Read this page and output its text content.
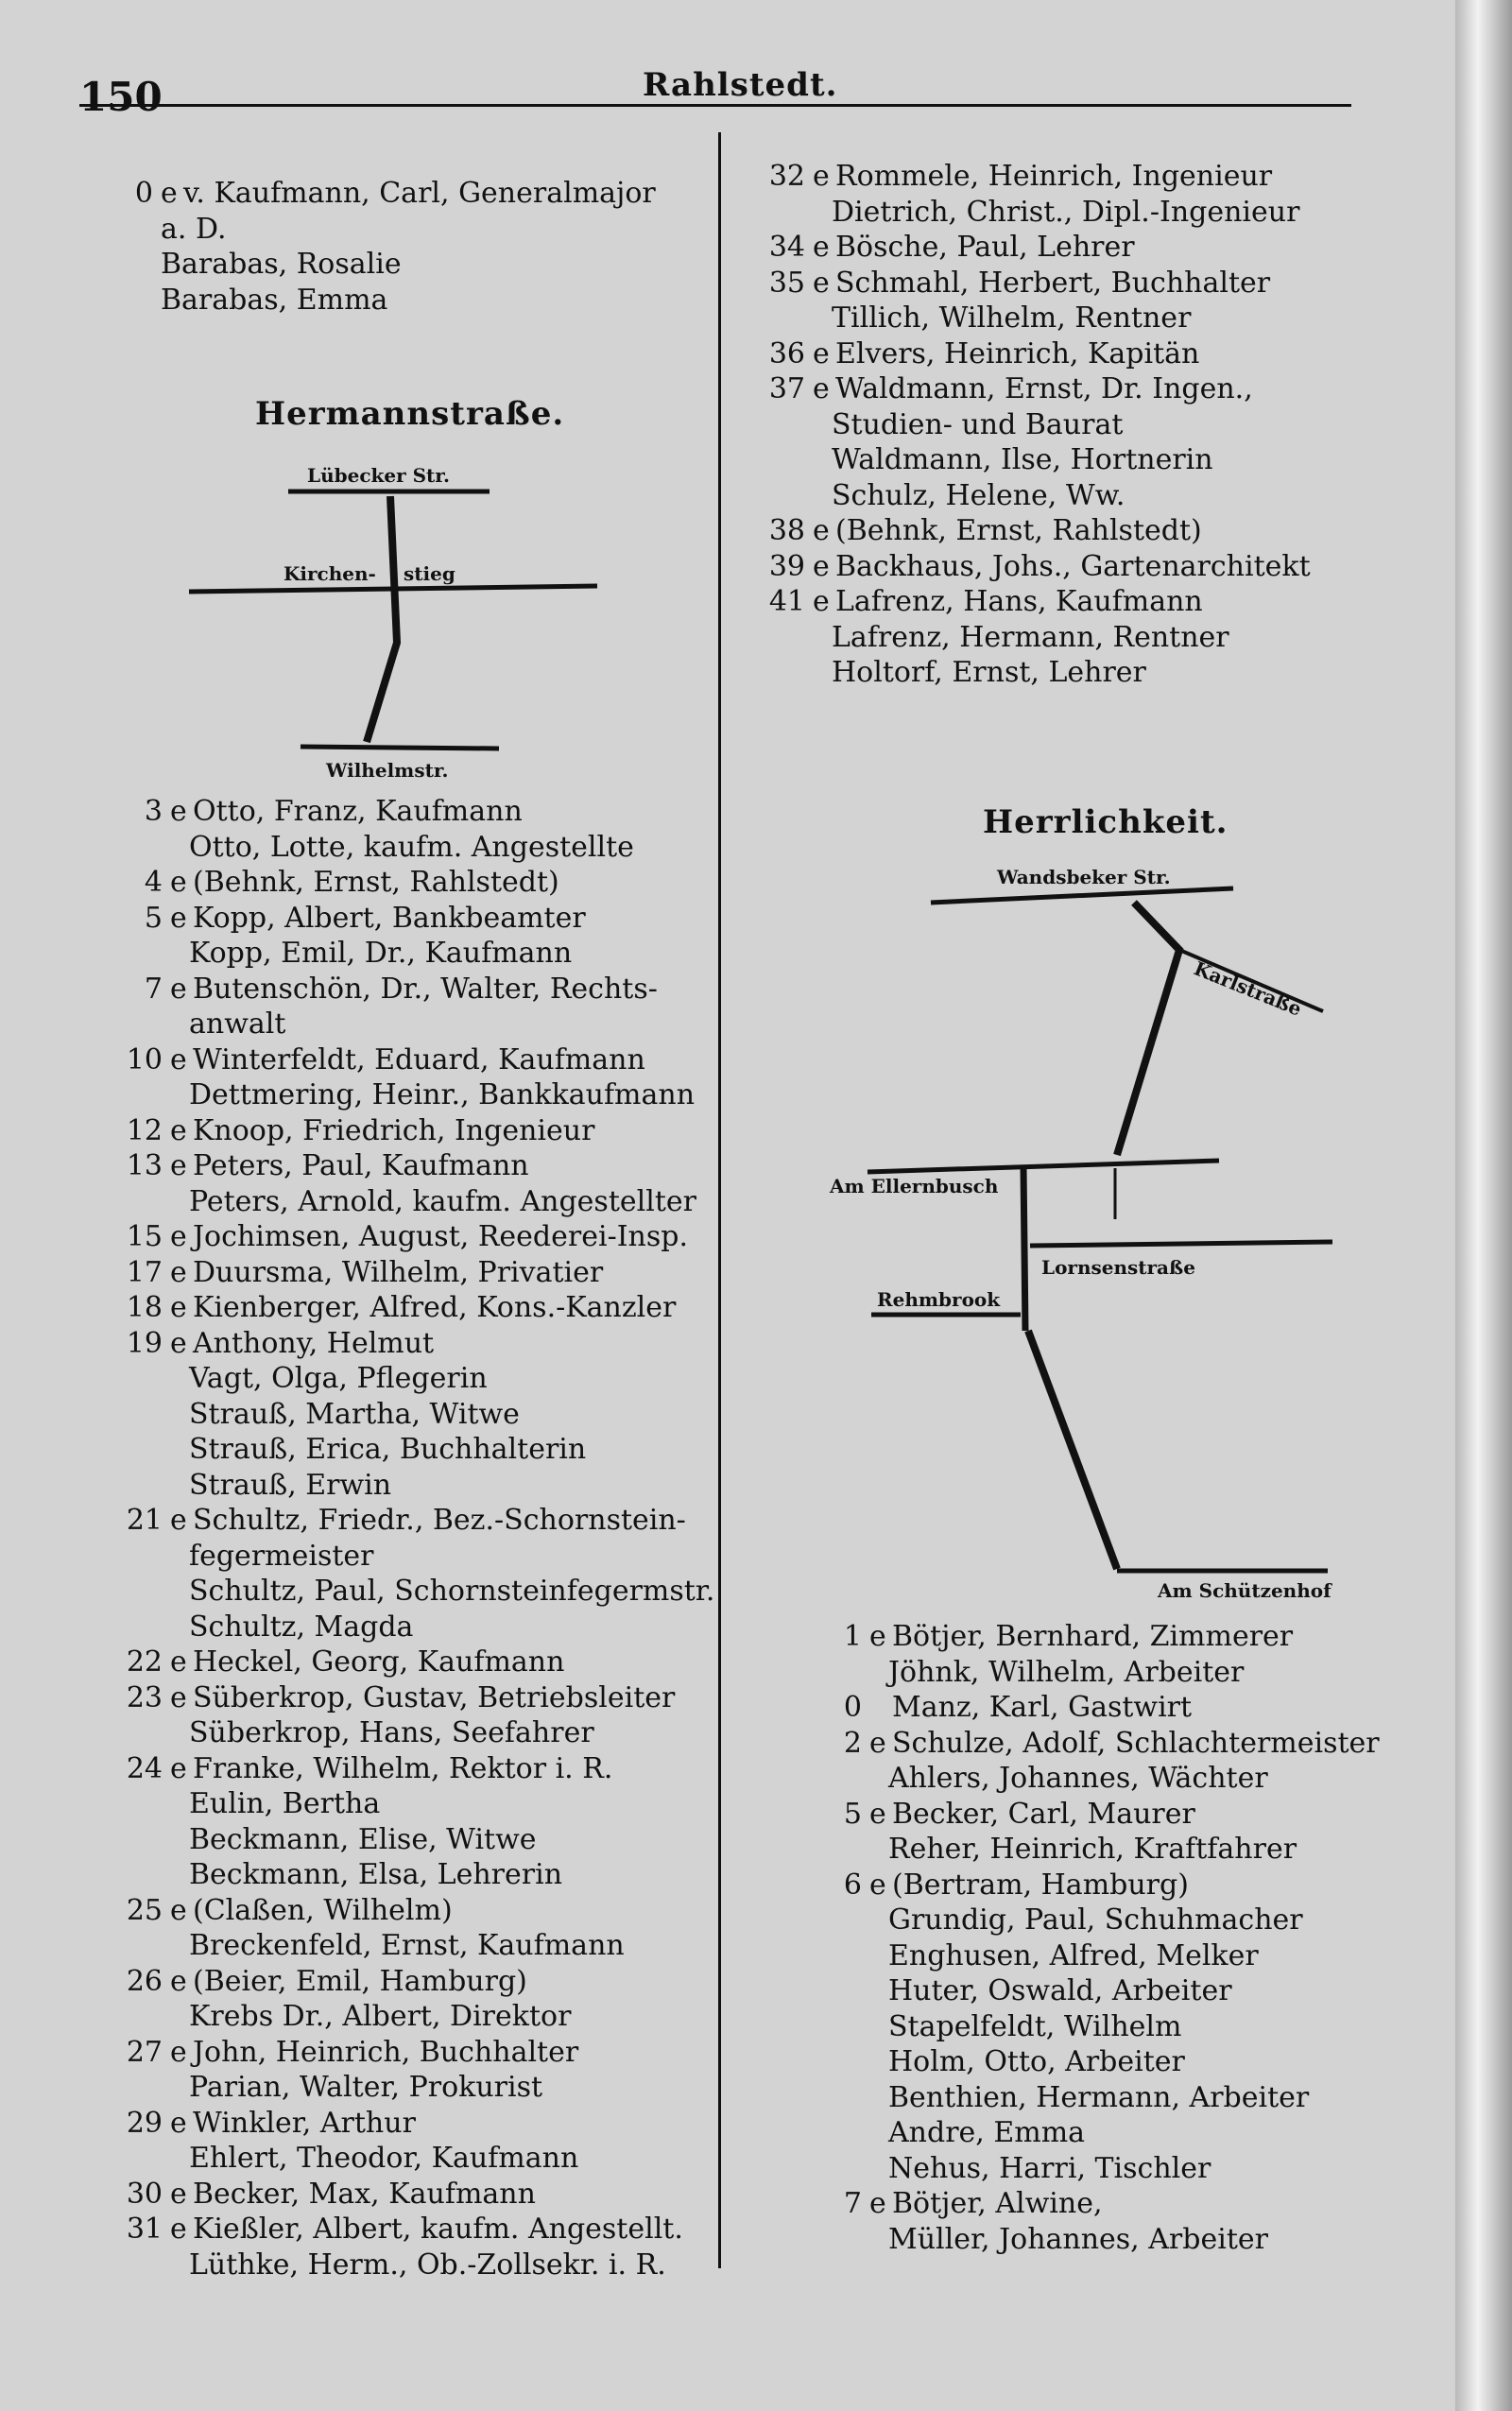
150	Rahlstedt.
0 e v. Kaufmann, Carl, Generalmajor
a. D.
Barabas, Rosalie
Barabas, Emma
Hermannstraße.
3 e Otto, Franz, Kaufmann
Otto, Lotte, kaufm. Angestellte
4 e (Behnk, Ernst, Rahlstedt)
5 e Kopp, Albert, Bankbeamter
Kopp, Emil, Dr., Kaufmann
7 e Butenschön, Dr., Walter, Rechts-
anwalt
10 e Winterfeldt, Eduard, Kaufmann
Dettmering, Heinr., Bankkaufmann
12 e Knoop, Friedrich, Ingenieur
13 e Peters, Paul, Kaufmann
Peters, Arnold, kaufm. Angestellter
15 e Jochimsen, August, Reederei-Insp.
17 e Duursma, Wilhelm, Privatier
18 e Kienberger, Alfred, Kons.-Kanzler
19 e Anthony, Helmut
Vagt, Olga, Pflegerin
Strauß, Martha, Witwe
Strauß, Erica, Buchhalterin
Strauß, Erwin
21 e Schultz, Friedr., Bez.-Schornstein-
fegermeister
Schultz, Paul, Schornsteinfegermstr.
Schultz, Magda
22 e Heckel, Georg, Kaufmann
23 e Süberkrop, Gustav, Betriebsleiter
Süberkrop, Hans, Seefahrer
24 e Franke, Wilhelm, Rektor i. R.
Eulin, Bertha
Beckmann, Elise, Witwe
Beckmann, Elsa, Lehrerin
25 e (Claßen, Wilhelm)
Breckenfeld, Ernst, Kaufmann
26 e (Beier, Emil, Hamburg)
Krebs Dr., Albert, Direktor
27 e John, Heinrich, Buchhalter
Parian, Walter, Prokurist
29 e Winkler, Arthur
Ehlert, Theodor, Kaufmann
30 e Becker, Max, Kaufmann
31 e Kießler, Albert, kaufm. Angestellt.
Lüthke, Herm., Ob.-Zollsekr. i. R.
32 e Rommele, Heinrich, Ingenieur
Dietrich, Christ., Dipl.-Ingenieur
34 e Bösche, Paul, Lehrer
35 e Schmahl, Herbert, Buchhalter
Tillich, Wilhelm, Rentner
36 e Elvers, Heinrich, Kapitän
37 e Waldmann, Ernst, Dr. Ingen.,
Studien- und Baurat
Waldmann, Ilse, Hortnerin
Schulz, Helene, Ww.
38 e (Behnk, Ernst, Rahlstedt)
39 e Backhaus, Johs., Gartenarchitekt
41 e Lafrenz, Hans, Kaufmann
Lafrenz, Hermann, Rentner
Holtorf, Ernst, Lehrer
Herrlichkeit.
1 e Bötjer, Bernhard, Zimmerer
Jöhnk, Wilhelm, Arbeiter
0 Manz, Karl, Gastwirt
2 e Schulze, Adolf, Schlachtermeister
Ahlers, Johannes, Wächter
5 e Becker, Carl, Maurer
Reher, Heinrich, Kraftfahrer
6 e (Bertram, Hamburg)
Grundig, Paul, Schuhmacher
Enghusen, Alfred, Melker
Huter, Oswald, Arbeiter
Stapelfeldt, Wilhelm
Holm, Otto, Arbeiter
Benthien, Hermann, Arbeiter
Andre, Emma
Nehus, Harri, Tischler
7 e Bötjer, Alwine,
Müller, Johannes, Arbeiter
Lübecker Str.
Kirchen- stieg
Wilhelmstr.
Wandsbeker Str.
Karlstraße
Am Ellernbusch
Lornsenstraße
Rehmbrook
Am Schützenhof
